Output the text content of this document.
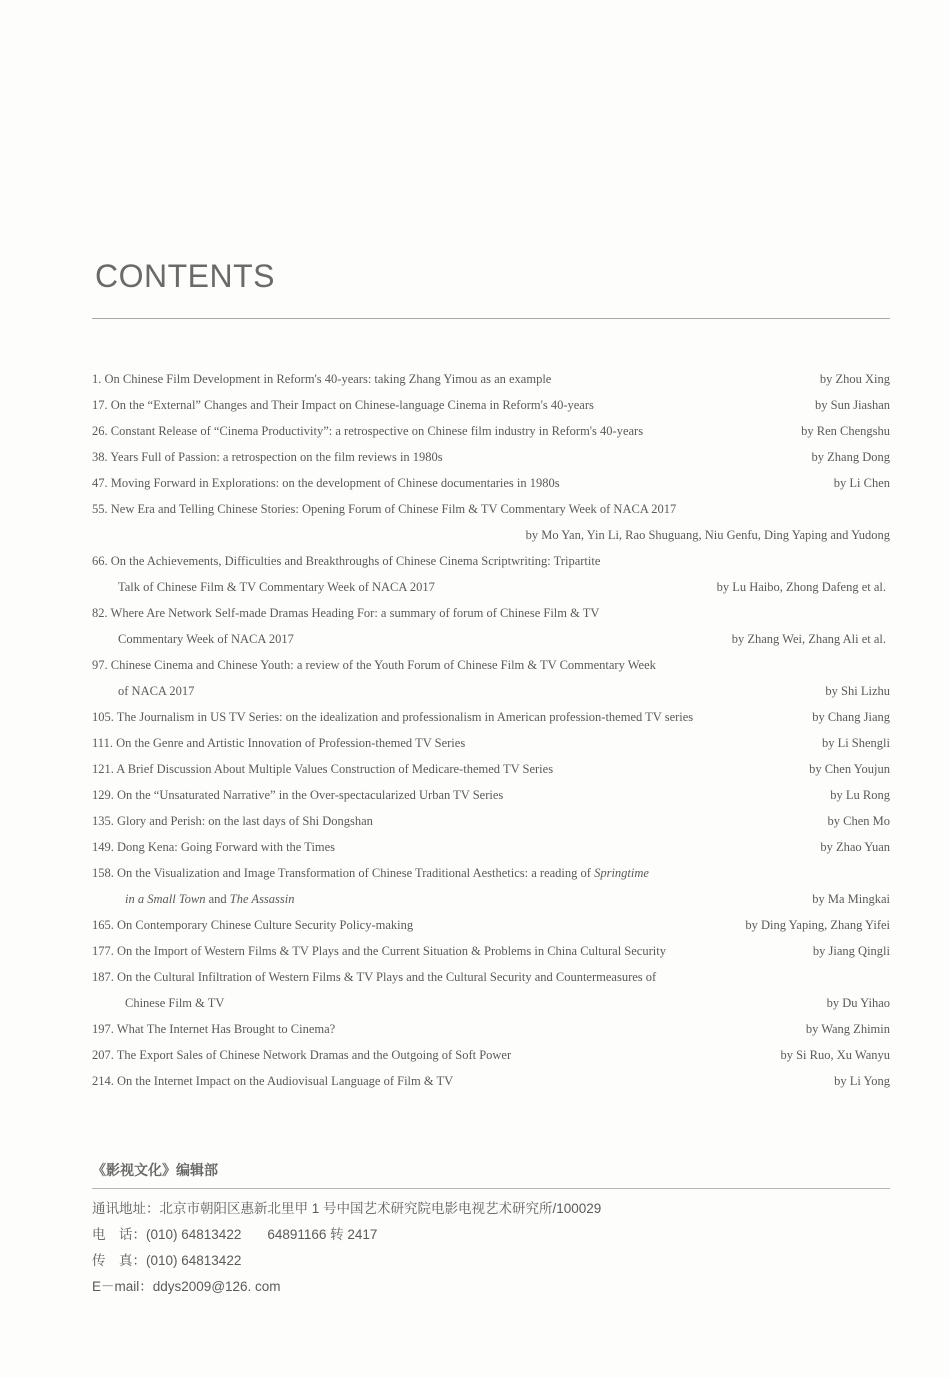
CONTENTS
1. On Chinese Film Development in Reform's 40-years: taking Zhang Yimou as an example	by Zhou Xing
17. On the “External” Changes and Their Impact on Chinese-language Cinema in Reform's 40-years	by Sun Jiashan
26. Constant Release of “Cinema Productivity”: a retrospective on Chinese film industry in Reform's 40-years	by Ren Chengshu
38. Years Full of Passion: a retrospection on the film reviews in 1980s	by Zhang Dong
47. Moving Forward in Explorations: on the development of Chinese documentaries in 1980s	by Li Chen
55. New Era and Telling Chinese Stories: Opening Forum of Chinese Film & TV Commentary Week of NACA 2017
by Mo Yan, Yin Li, Rao Shuguang, Niu Genfu, Ding Yaping and Yudong
66. On the Achievements, Difficulties and Breakthroughs of Chinese Cinema Scriptwriting: Tripartite
Talk of Chinese Film & TV Commentary Week of NACA 2017	by Lu Haibo, Zhong Dafeng et al.
82. Where Are Network Self-made Dramas Heading For: a summary of forum of Chinese Film & TV
Commentary Week of NACA 2017	by Zhang Wei, Zhang Ali et al.
97. Chinese Cinema and Chinese Youth: a review of the Youth Forum of Chinese Film & TV Commentary Week
of NACA 2017	by Shi Lizhu
105. The Journalism in US TV Series: on the idealization and professionalism in American profession-themed TV series	by Chang Jiang
111. On the Genre and Artistic Innovation of Profession-themed TV Series	by Li Shengli
121. A Brief Discussion About Multiple Values Construction of Medicare-themed TV Series	by Chen Youjun
129. On the “Unsaturated Narrative” in the Over-spectacularized Urban TV Series	by Lu Rong
135. Glory and Perish: on the last days of Shi Dongshan	by Chen Mo
149. Dong Kena: Going Forward with the Times	by Zhao Yuan
158. On the Visualization and Image Transformation of Chinese Traditional Aesthetics: a reading of Springtime
in a Small Town and The Assassin	by Ma Mingkai
165. On Contemporary Chinese Culture Security Policy-making	by Ding Yaping, Zhang Yifei
177. On the Import of Western Films & TV Plays and the Current Situation & Problems in China Cultural Security	by Jiang Qingli
187. On the Cultural Infiltration of Western Films & TV Plays and the Cultural Security and Countermeasures of
Chinese Film & TV	by Du Yihao
197. What The Internet Has Brought to Cinema?	by Wang Zhimin
207. The Export Sales of Chinese Network Dramas and the Outgoing of Soft Power	by Si Ruo, Xu Wanyu
214. On the Internet Impact on the Audiovisual Language of Film & TV	by Li Yong
《影视文化》编辑部
通讯地址：北京市朝阳区惠新北里甲 1 号中国艺术研究院电影电视艺术研究所/100029
电　话：(010) 64813422 64891166 转 2417
传　真：(010) 64813422
E－mail：ddys2009@126. com
